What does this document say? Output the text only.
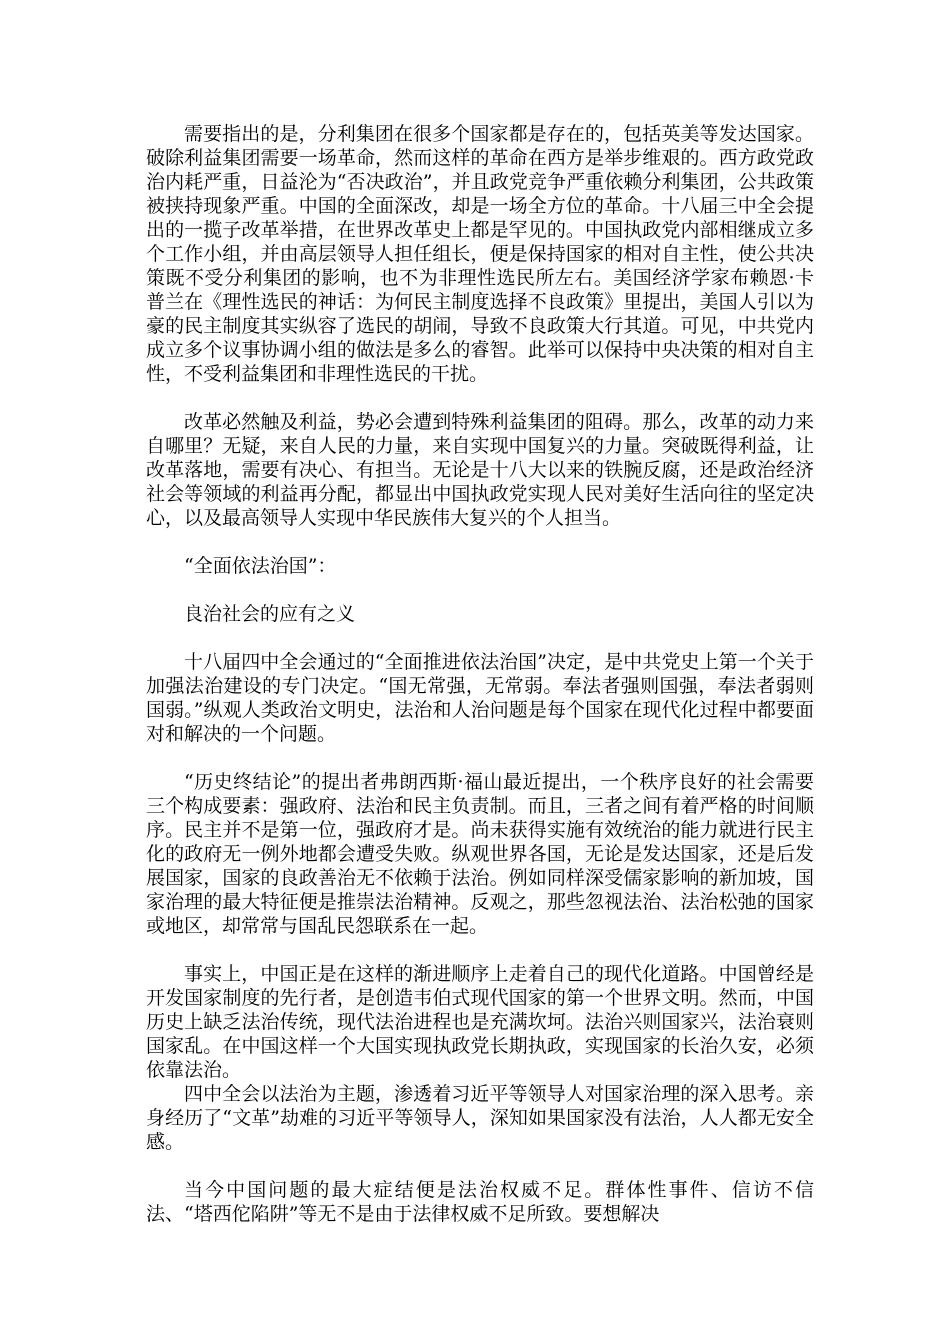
需要指出的是，分利集团在很多个国家都是存在的，包括英美等发达国家。破除利益集团需要一场革命，然而这样的革命在西方是举步维艰的。西方政党政治内耗严重，日益沦为“否决政治”，并且政党竞争严重依赖分利集团，公共政策被挟持现象严重。中国的全面深改，却是一场全方位的革命。十八届三中全会提出的一揽子改革举措，在世界改革史上都是罕见的。中国执政党内部相继成立多个工作小组，并由高层领导人担任组长，便是保持国家的相对自主性，使公共决策既不受分利集团的影响，也不为非理性选民所左右。美国经济学家布赖恩·卡普兰在《理性选民的神话：为何民主制度选择不良政策》里提出，美国人引以为豪的民主制度其实纵容了选民的胡闹，导致不良政策大行其道。可见，中共党内成立多个议事协调小组的做法是多么的睿智。此举可以保持中央决策的相对自主性，不受利益集团和非理性选民的干扰。

改革必然触及利益，势必会遭到特殊利益集团的阻碍。那么，改革的动力来自哪里？无疑，来自人民的力量，来自实现中国复兴的力量。突破既得利益，让改革落地，需要有决心、有担当。无论是十八大以来的铁腕反腐，还是政治经济社会等领域的利益再分配，都显出中国执政党实现人民对美好生活向往的坚定决心，以及最高领导人实现中华民族伟大复兴的个人担当。

“全面依法治国”：

良治社会的应有之义

十八届四中全会通过的“全面推进依法治国”决定，是中共党史上第一个关于加强法治建设的专门决定。“国无常强，无常弱。奉法者强则国强，奉法者弱则国弱。”纵观人类政治文明史，法治和人治问题是每个国家在现代化过程中都要面对和解决的一个问题。

“历史终结论”的提出者弗朗西斯·福山最近提出，一个秩序良好的社会需要三个构成要素：强政府、法治和民主负责制。而且，三者之间有着严格的时间顺序。民主并不是第一位，强政府才是。尚未获得实施有效统治的能力就进行民主化的政府无一例外地都会遭受失败。纵观世界各国，无论是发达国家，还是后发展国家，国家的良政善治无不依赖于法治。例如同样深受儒家影响的新加坡，国家治理的最大特征便是推崇法治精神。反观之，那些忽视法治、法治松弛的国家或地区，却常常与国乱民怨联系在一起。

事实上，中国正是在这样的渐进顺序上走着自己的现代化道路。中国曾经是开发国家制度的先行者，是创造韦伯式现代国家的第一个世界文明。然而，中国历史上缺乏法治传统，现代法治进程也是充满坎坷。法治兴则国家兴，法治衰则国家乱。在中国这样一个大国实现执政党长期执政，实现国家的长治久安，必须依靠法治。

四中全会以法治为主题，渗透着习近平等领导人对国家治理的深入思考。亲身经历了“文革”劫难的习近平等领导人，深知如果国家没有法治，人人都无安全感。

当今中国问题的最大症结便是法治权威不足。群体性事件、信访不信法、“塔西佗陷阱”等无不是由于法律权威不足所致。要想解决
